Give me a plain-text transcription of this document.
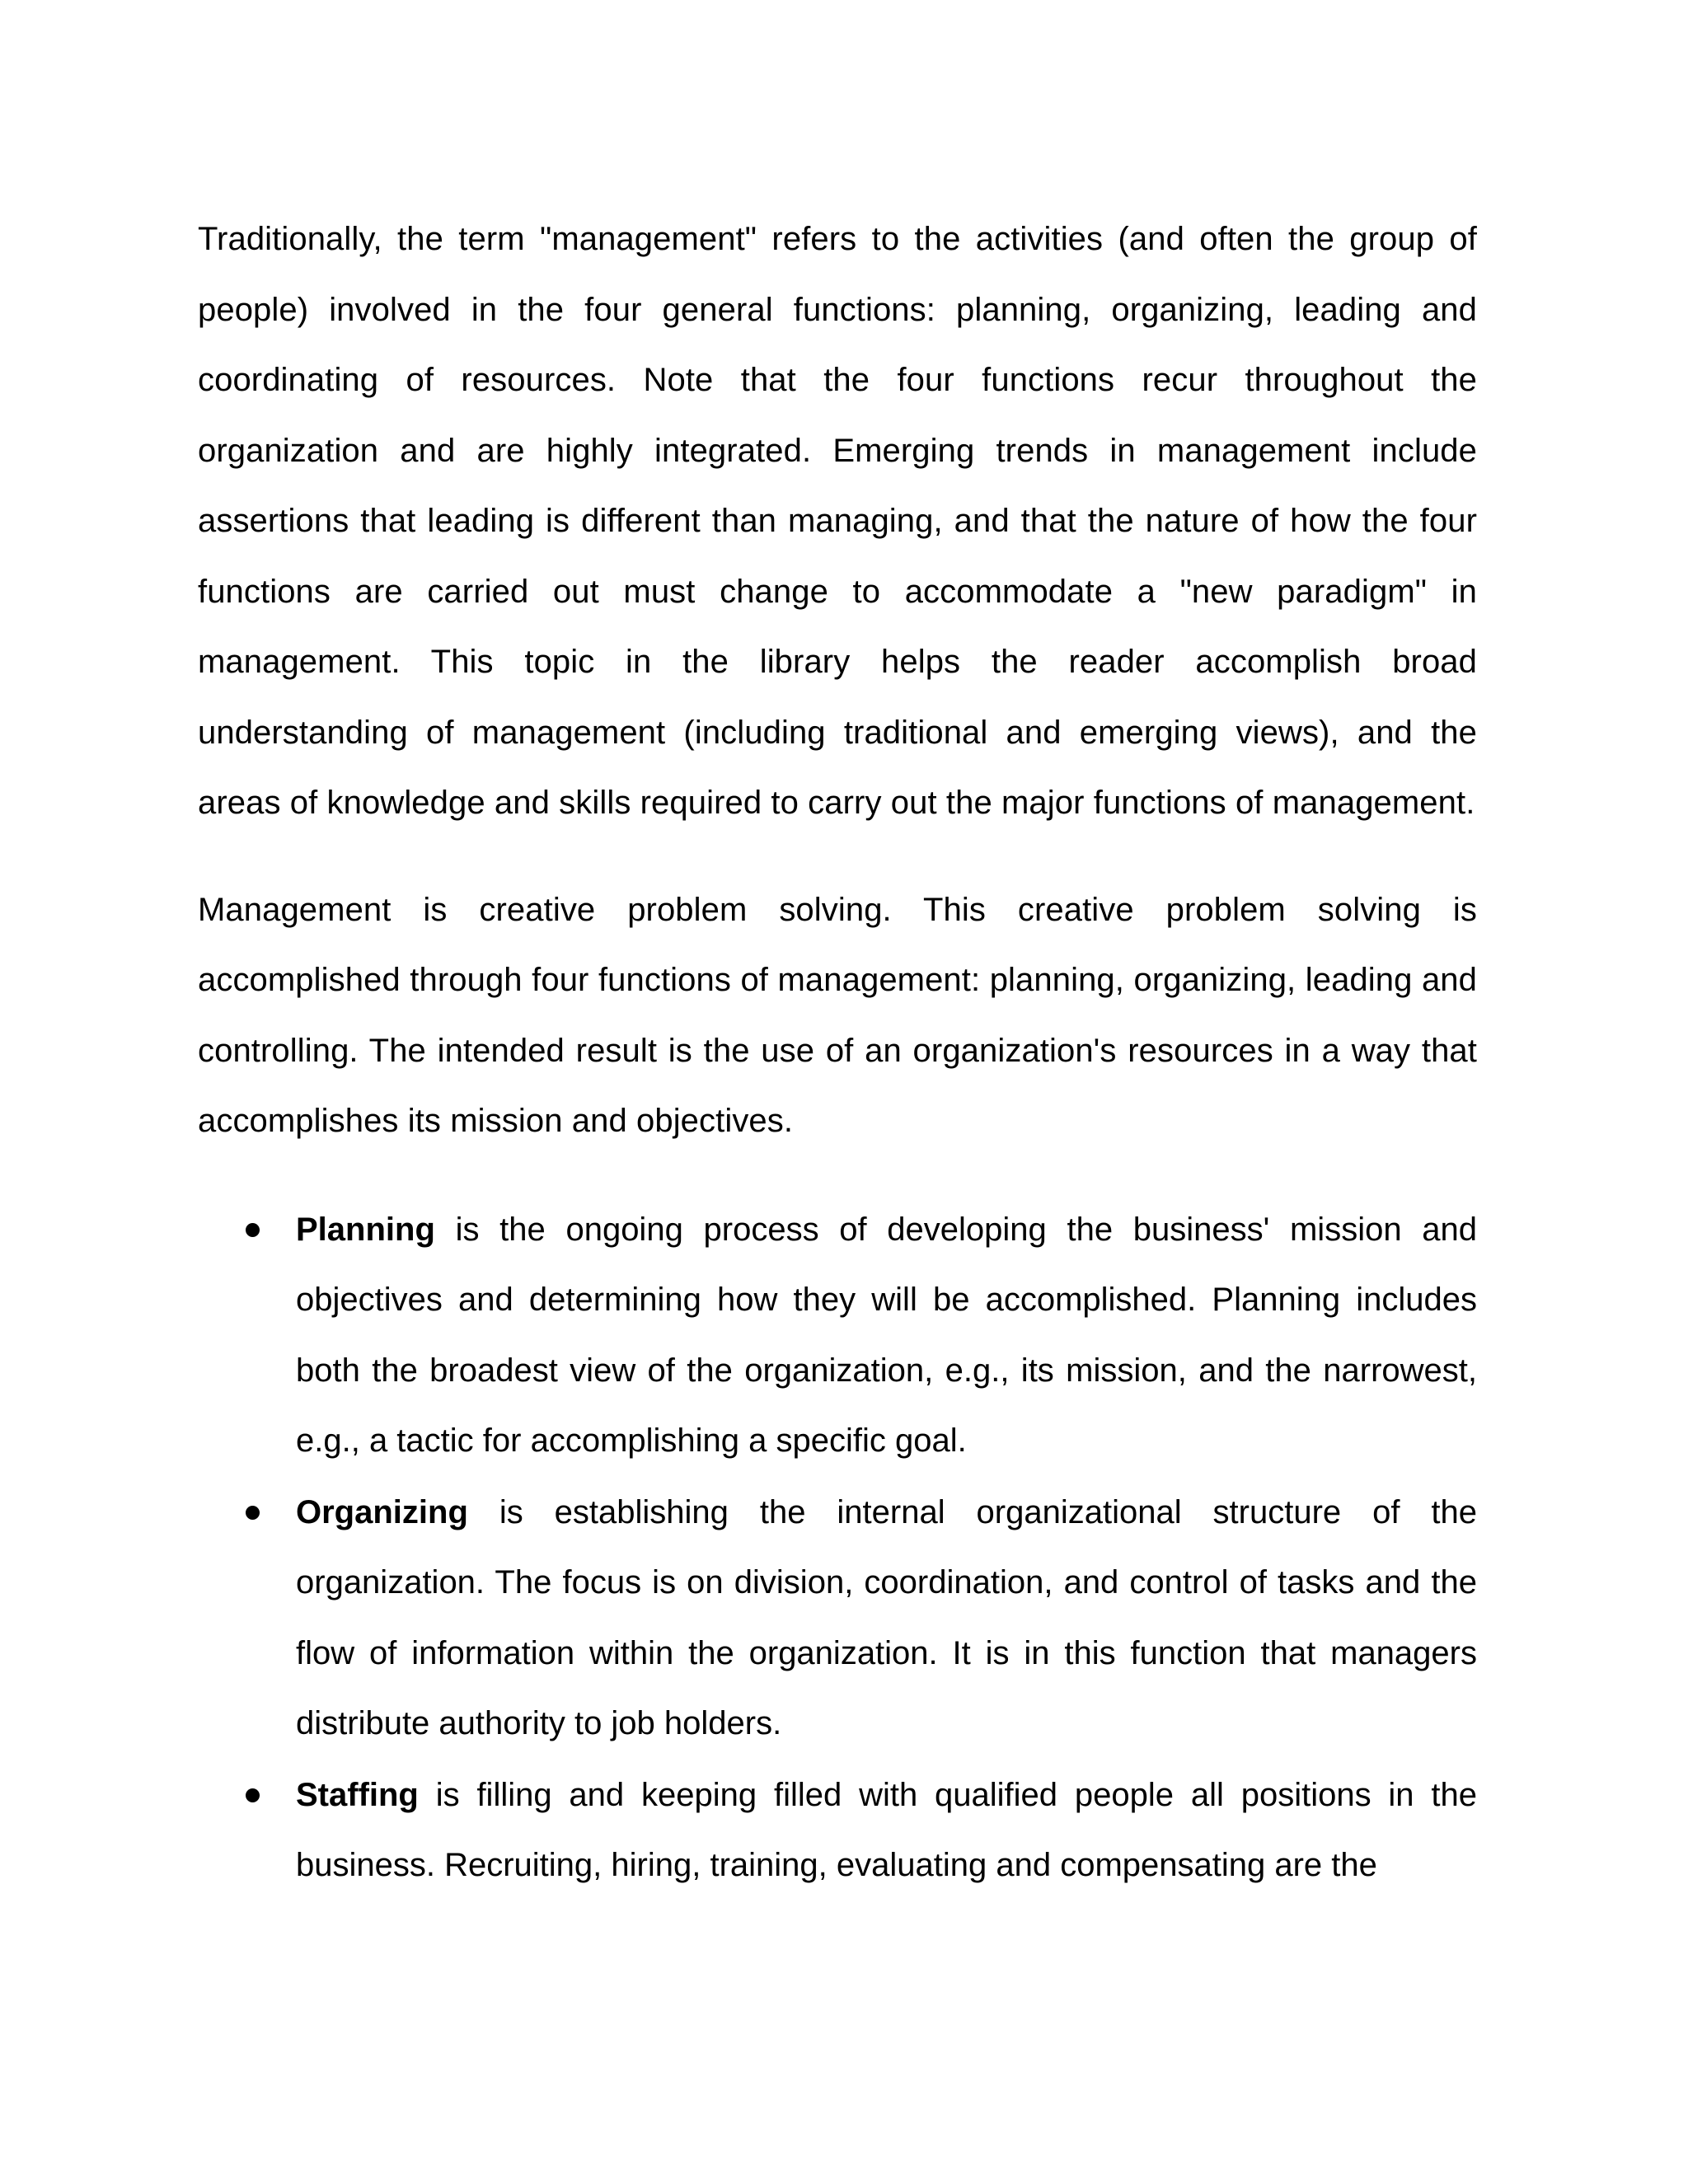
Traditionally, the term "management" refers to the activities (and often the group of people) involved in the four general functions: planning, organizing, leading and coordinating of resources. Note that the four functions recur throughout the organization and are highly integrated. Emerging trends in management include assertions that leading is different than managing, and that the nature of how the four functions are carried out must change to accommodate a "new paradigm" in management. This topic in the library helps the reader accomplish broad understanding of management (including traditional and emerging views), and the areas of knowledge and skills required to carry out the major functions of management.

Management is creative problem solving. This creative problem solving is accomplished through four functions of management: planning, organizing, leading and controlling. The intended result is the use of an organization's resources in a way that accomplishes its mission and objectives.

Planning is the ongoing process of developing the business' mission and objectives and determining how they will be accomplished. Planning includes both the broadest view of the organization, e.g., its mission, and the narrowest, e.g., a tactic for accomplishing a specific goal.
Organizing is establishing the internal organizational structure of the organization. The focus is on division, coordination, and control of tasks and the flow of information within the organization. It is in this function that managers distribute authority to job holders.
Staffing is filling and keeping filled with qualified people all positions in the business. Recruiting, hiring, training, evaluating and compensating are the
